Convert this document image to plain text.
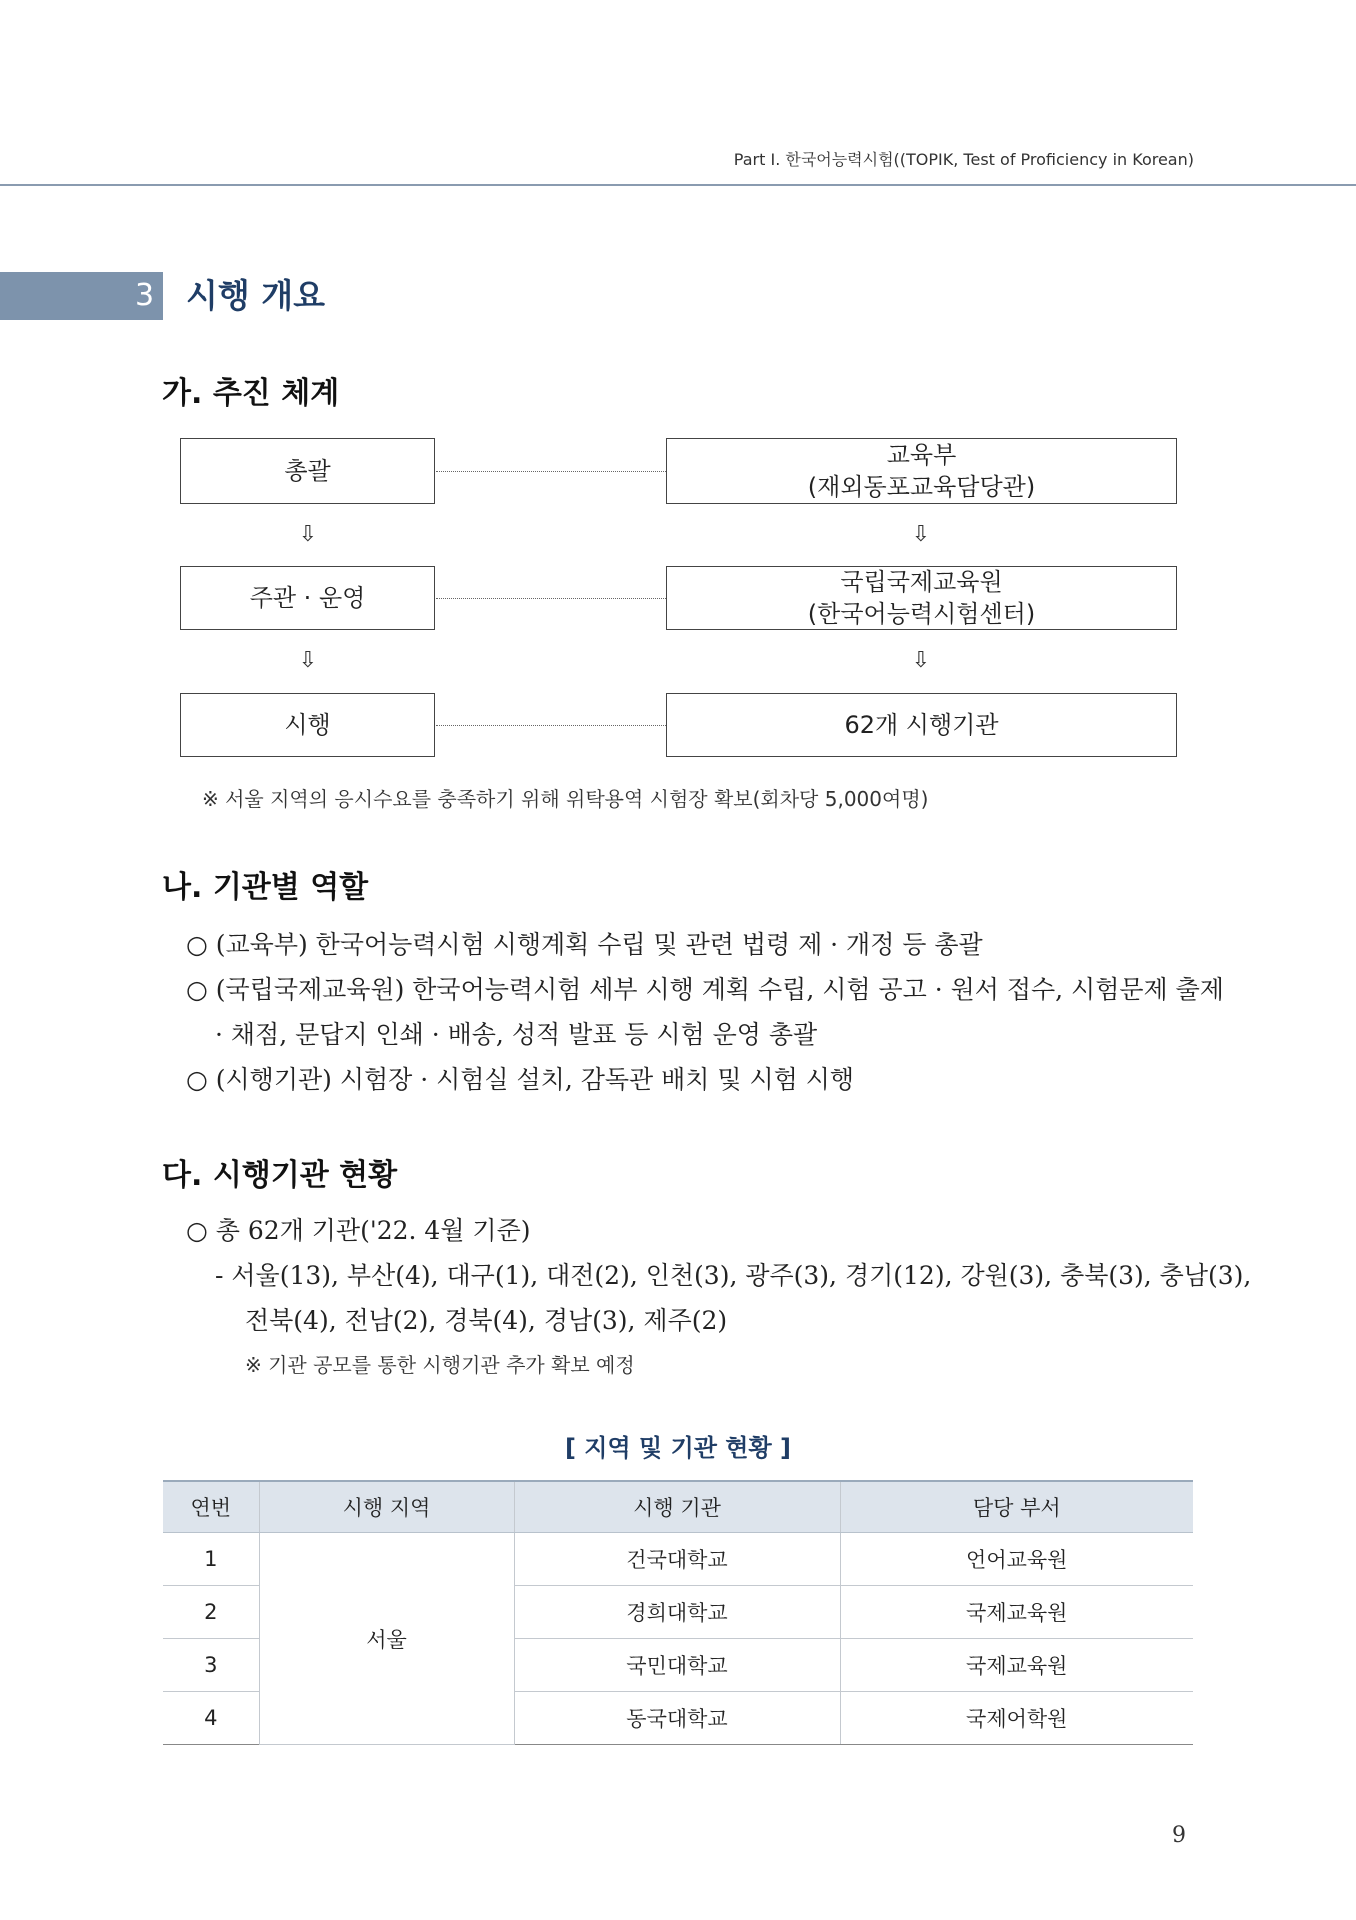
Part Ⅰ. 한국어능력시험((TOPIK, Test of Proficiency in Korean)
3 시행 개요
가. 추진 체계
총괄
교육부
(재외동포교육담당관)
⇩	⇩
주관 · 운영
국립국제교육원
(한국어능력시험센터)
⇩	⇩
시행	62개 시행기관
※ 서울 지역의 응시수요를 충족하기 위해 위탁용역 시험장 확보(회차당 5,000여명)
나. 기관별 역할
○ (교육부) 한국어능력시험 시행계획 수립 및 관련 법령 제 · 개정 등 총괄
○ (국립국제교육원) 한국어능력시험 세부 시행 계획 수립, 시험 공고 · 원서 접수, 시험문제 출제
· 채점, 문답지 인쇄 · 배송, 성적 발표 등 시험 운영 총괄
○ (시행기관) 시험장 · 시험실 설치, 감독관 배치 및 시험 시행
다. 시행기관 현황
○ 총 62개 기관('22. 4월 기준)
- 서울(13), 부산(4), 대구(1), 대전(2), 인천(3), 광주(3), 경기(12), 강원(3), 충북(3), 충남(3),
전북(4), 전남(2), 경북(4), 경남(3), 제주(2)
※ 기관 공모를 통한 시행기관 추가 확보 예정
[ 지역 및 기관 현황 ]
연번	시행 지역	시행 기관	담당 부서
1	서울	건국대학교	언어교육원
2		경희대학교	국제교육원
3		국민대학교	국제교육원
4		동국대학교	국제어학원
9
